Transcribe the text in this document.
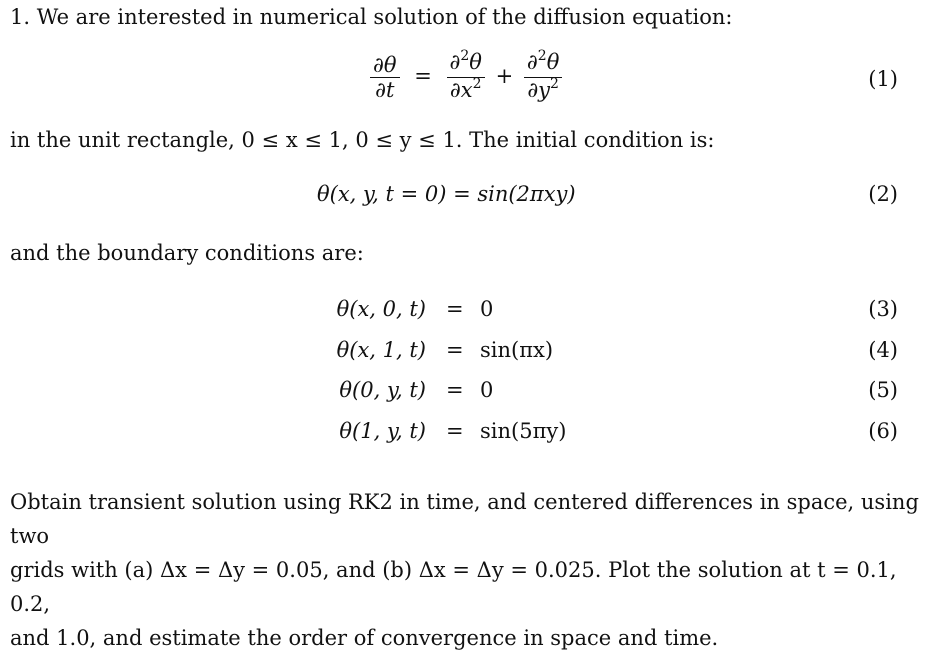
1. We are interested in numerical solution of the diffusion equation:
$\frac{\partial\theta}{\partial t} = \frac{\partial^2\theta}{\partial x^2} + \frac{\partial^2\theta}{\partial y^2}$	(1)
in the unit rectangle, 0 ≤ x ≤ 1, 0 ≤ y ≤ 1. The initial condition is:
θ(x, y, t = 0) = sin(2πxy)	(2)
and the boundary conditions are:
θ(x, 0, t) = 0	(3)
θ(x, 1, t) = sin(πx)	(4)
θ(0, y, t) = 0	(5)
θ(1, y, t) = sin(5πy)	(6)
Obtain transient solution using RK2 in time, and centered differences in space, using two
grids with (a) Δx = Δy = 0.05, and (b) Δx = Δy = 0.025. Plot the solution at t = 0.1, 0.2,
and 1.0, and estimate the order of convergence in space and time.
